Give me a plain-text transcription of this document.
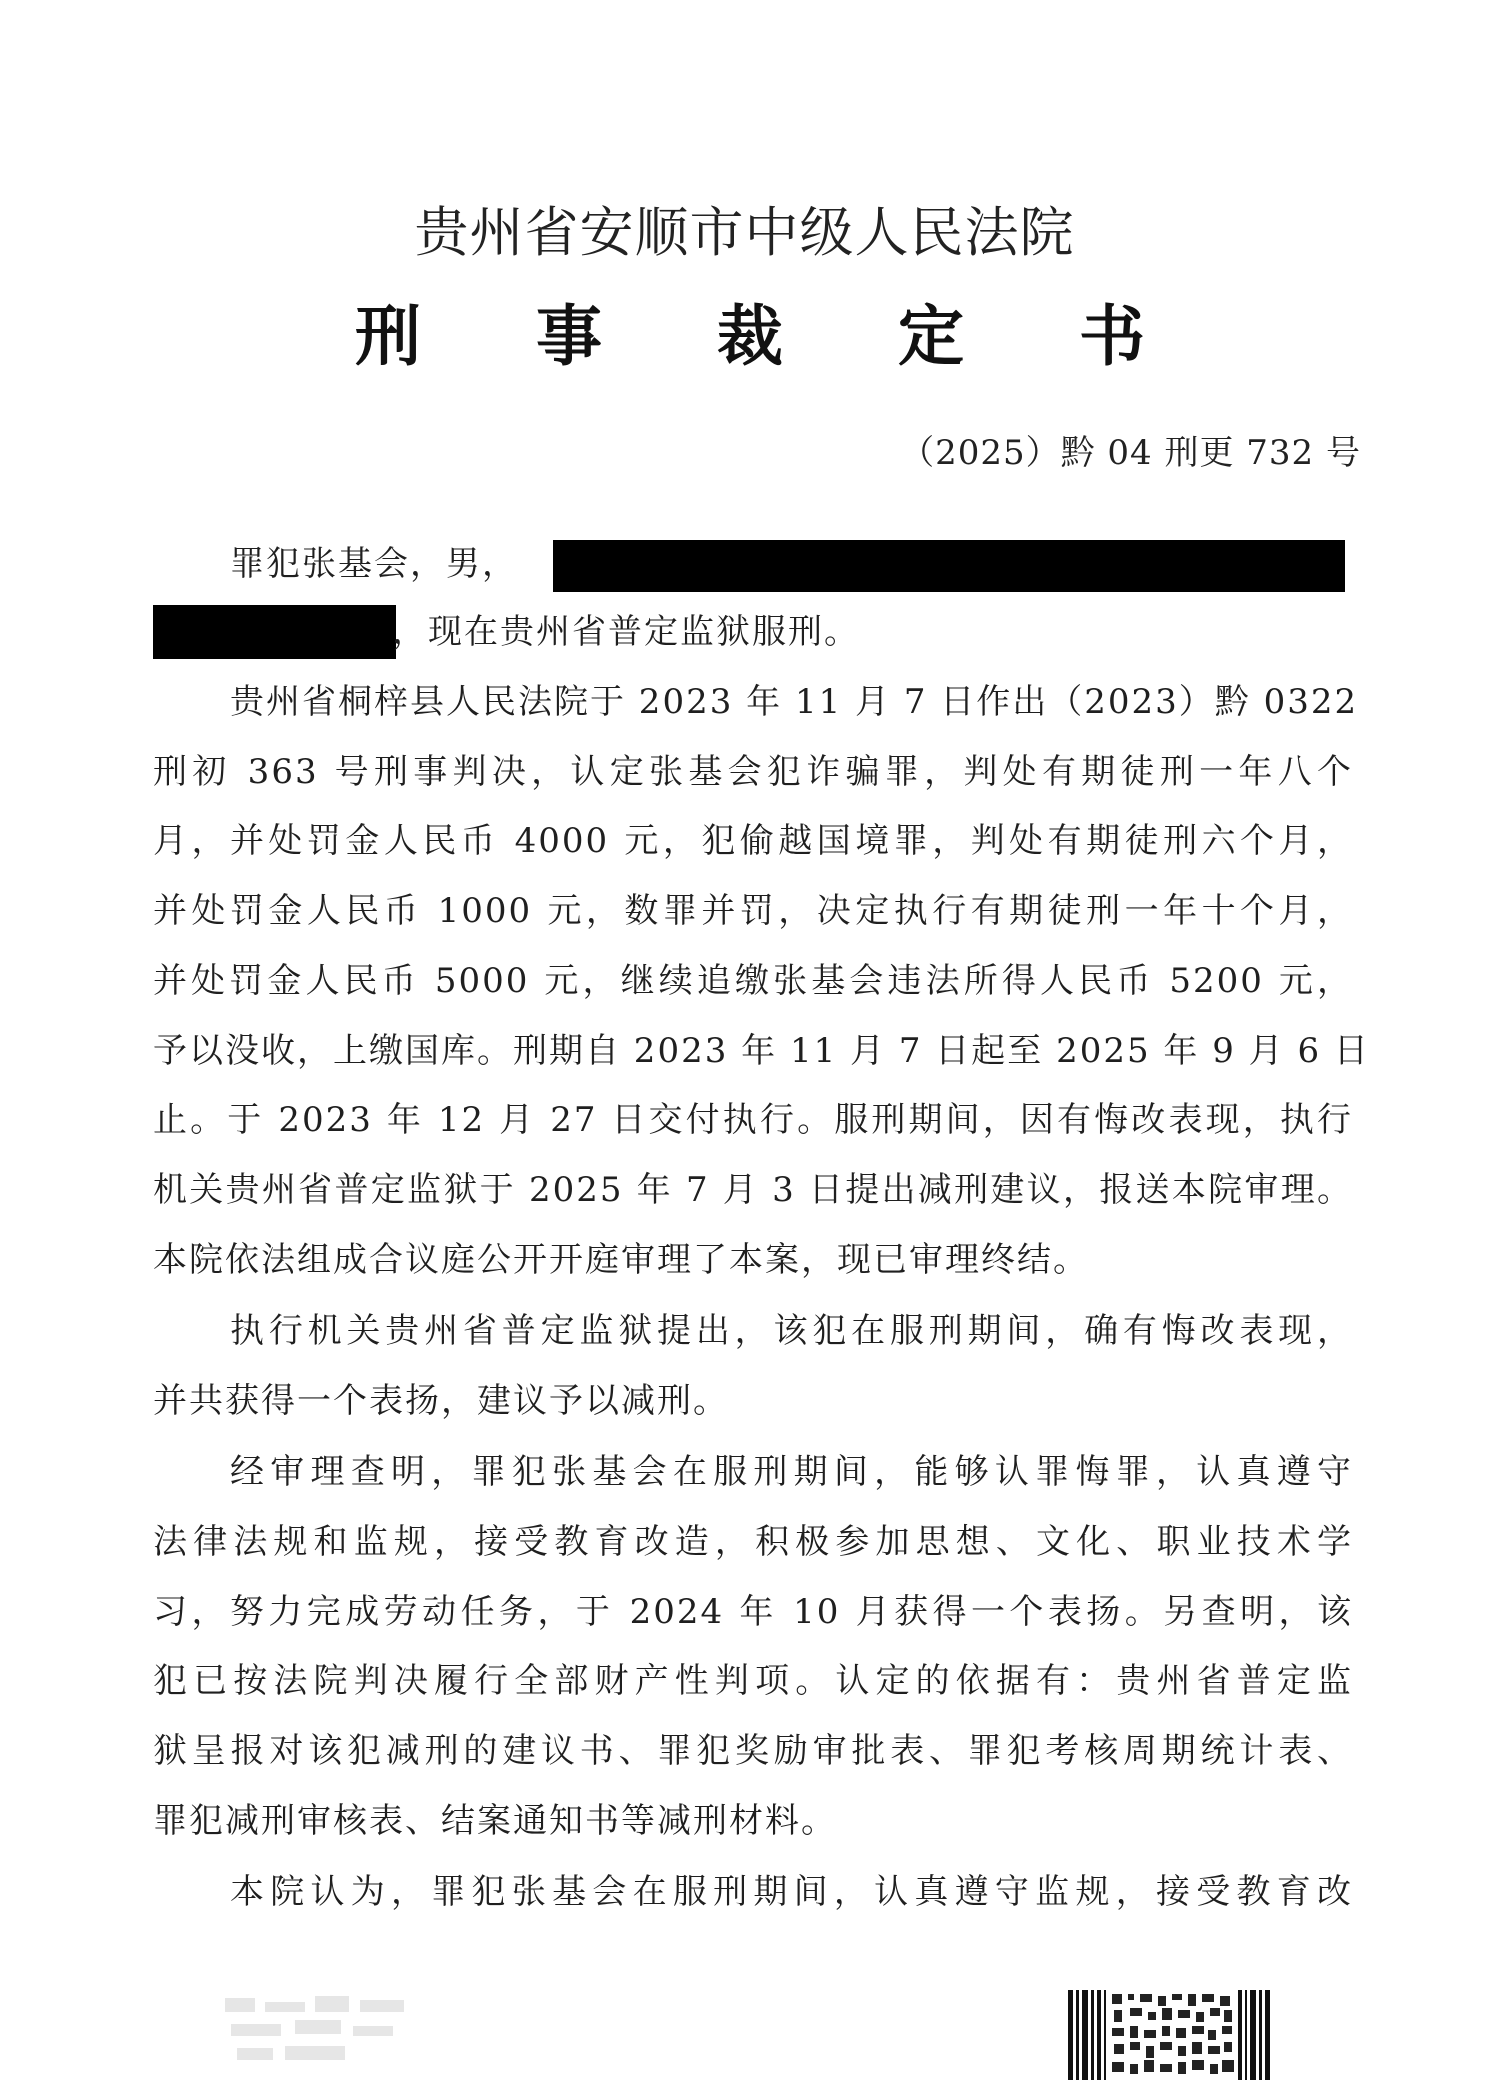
贵州省安顺市中级人民法院
刑 事 裁 定 书
（2025）黔 04 刑更 732 号
罪犯张基会，男，
，现在贵州省普定监狱服刑。
贵州省桐梓县人民法院于 2023 年 11 月 7 日作出（2023）黔 0322
刑初 363 号刑事判决，认定张基会犯诈骗罪，判处有期徒刑一年八个
月，并处罚金人民币 4000 元，犯偷越国境罪，判处有期徒刑六个月，
并处罚金人民币 1000 元，数罪并罚，决定执行有期徒刑一年十个月，
并处罚金人民币 5000 元，继续追缴张基会违法所得人民币 5200 元，
予以没收，上缴国库。刑期自 2023 年 11 月 7 日起至 2025 年 9 月 6 日
止。于 2023 年 12 月 27 日交付执行。服刑期间，因有悔改表现，执行
机关贵州省普定监狱于 2025 年 7 月 3 日提出减刑建议，报送本院审理。
本院依法组成合议庭公开开庭审理了本案，现已审理终结。
执行机关贵州省普定监狱提出，该犯在服刑期间，确有悔改表现，
并共获得一个表扬，建议予以减刑。
经审理查明，罪犯张基会在服刑期间，能够认罪悔罪，认真遵守
法律法规和监规，接受教育改造，积极参加思想、文化、职业技术学
习，努力完成劳动任务，于 2024 年 10 月获得一个表扬。另查明，该
犯已按法院判决履行全部财产性判项。认定的依据有：贵州省普定监
狱呈报对该犯减刑的建议书、罪犯奖励审批表、罪犯考核周期统计表、
罪犯减刑审核表、结案通知书等减刑材料。
本院认为，罪犯张基会在服刑期间，认真遵守监规，接受教育改
